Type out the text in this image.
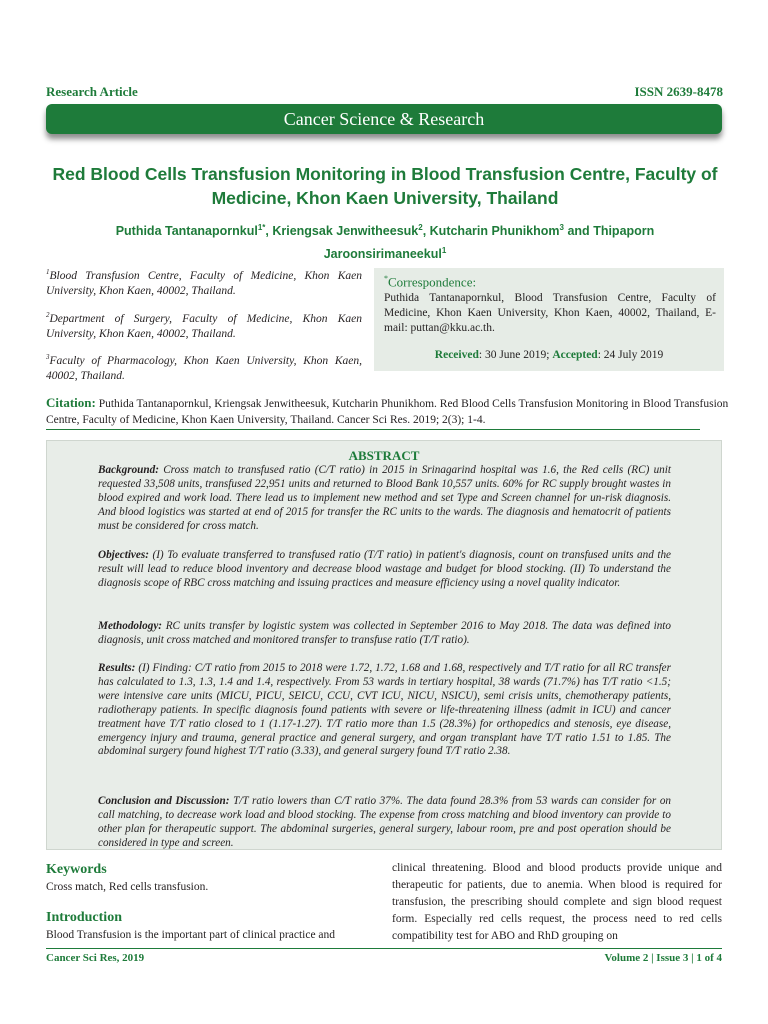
Research Article	ISSN 2639-8478
Cancer Science & Research
Red Blood Cells Transfusion Monitoring in Blood Transfusion Centre, Faculty of Medicine, Khon Kaen University, Thailand
Puthida Tantanapornkul$^{1*}$, Kriengsak Jenwitheesuk$^2$, Kutcharin Phunikhom$^3$ and Thipaporn Jaroonsirimaneekul$^1$
$^1$Blood Transfusion Centre, Faculty of Medicine, Khon Kaen University, Khon Kaen, 40002, Thailand.
$^2$Department of Surgery, Faculty of Medicine, Khon Kaen University, Khon Kaen, 40002, Thailand.
$^3$Faculty of Pharmacology, Khon Kaen University, Khon Kaen, 40002, Thailand.
*Correspondence:
Puthida Tantanapornkul, Blood Transfusion Centre, Faculty of Medicine, Khon Kaen University, Khon Kaen, 40002, Thailand, E-mail: puttan@kku.ac.th.
Received: 30 June 2019; Accepted: 24 July 2019
Citation: Puthida Tantanapornkul, Kriengsak Jenwitheesuk, Kutcharin Phunikhom. Red Blood Cells Transfusion Monitoring in Blood Transfusion Centre, Faculty of Medicine, Khon Kaen University, Thailand. Cancer Sci Res. 2019; 2(3); 1-4.
ABSTRACT
Background: Cross match to transfused ratio (C/T ratio) in 2015 in Srinagarind hospital was 1.6, the Red cells (RC) unit requested 33,508 units, transfused 22,951 units and returned to Blood Bank 10,557 units. 60% for RC supply brought wastes in blood expired and work load. There lead us to implement new method and set Type and Screen channel for un-risk diagnosis. And blood logistics was started at end of 2015 for transfer the RC units to the wards. The diagnosis and hematocrit of patients must be considered for cross match.
Objectives: (I) To evaluate transferred to transfused ratio (T/T ratio) in patient's diagnosis, count on transfused units and the result will lead to reduce blood inventory and decrease blood wastage and budget for blood stocking. (II) To understand the diagnosis scope of RBC cross matching and issuing practices and measure efficiency using a novel quality indicator.
Methodology: RC units transfer by logistic system was collected in September 2016 to May 2018. The data was defined into diagnosis, unit cross matched and monitored transfer to transfuse ratio (T/T ratio).
Results: (I) Finding: C/T ratio from 2015 to 2018 were 1.72, 1.72, 1.68 and 1.68, respectively and T/T ratio for all RC transfer has calculated to 1.3, 1.3, 1.4 and 1.4, respectively. From 53 wards in tertiary hospital, 38 wards (71.7%) has T/T ratio <1.5; were intensive care units (MICU, PICU, SEICU, CCU, CVT ICU, NICU, NSICU), semi crisis units, chemotherapy patients, radiotherapy patients. In specific diagnosis found patients with severe or life-threatening illness (admit in ICU) and cancer treatment have T/T ratio closed to 1 (1.17-1.27). T/T ratio more than 1.5 (28.3%) for orthopedics and stenosis, eye disease, emergency injury and trauma, general practice and general surgery, and organ transplant have T/T ratio 1.51 to 1.85. The abdominal surgery found highest T/T ratio (3.33), and general surgery found T/T ratio 2.38.
Conclusion and Discussion: T/T ratio lowers than C/T ratio 37%. The data found 28.3% from 53 wards can consider for on call matching, to decrease work load and blood stocking. The expense from cross matching and blood inventory can provide to other plan for therapeutic support. The abdominal surgeries, general surgery, labour room, pre and post operation should be considered in type and screen.
Keywords
Cross match, Red cells transfusion.
Introduction
Blood Transfusion is the important part of clinical practice and
clinical threatening. Blood and blood products provide unique and therapeutic for patients, due to anemia. When blood is required for transfusion, the prescribing should complete and sign blood request form. Especially red cells request, the process need to red cells compatibility test for ABO and RhD grouping on
Cancer Sci Res, 2019	Volume 2 | Issue 3 | 1 of 4
